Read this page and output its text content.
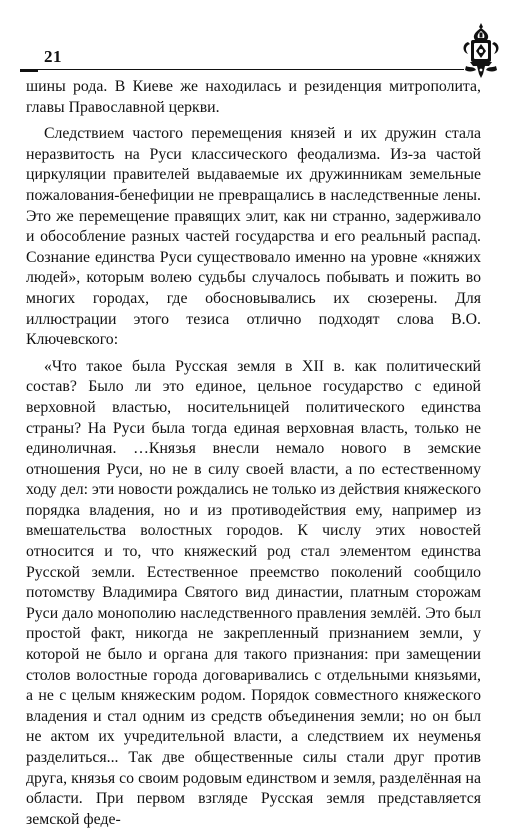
21

шины рода. В Киеве же находилась и резиденция митрополита, главы Православной церкви.

Следствием частого перемещения князей и их дружин стала неразвитость на Руси классического феодализма. Из-за частой циркуляции правителей выдаваемые их дружинникам земельные пожалования-бенефиции не превращались в наследственные лены. Это же перемещение правящих элит, как ни странно, задерживало и обособление разных частей государства и его реальный распад. Сознание единства Руси существовало именно на уровне «княжих людей», которым волею судьбы случалось побывать и пожить во многих городах, где обосновывались их сюзерены. Для иллюстрации этого тезиса отлично подходят слова В.О. Ключевского:

«Что такое была Русская земля в XII в. как политический состав? Было ли это единое, цельное государство с единой верховной властью, носительницей политического единства страны? На Руси была тогда единая верховная власть, только не единоличная. …Князья внесли немало нового в земские отношения Руси, но не в силу своей власти, а по естественному ходу дел: эти новости рождались не только из действия княжеского порядка владения, но и из противодействия ему, например из вмешательства волостных городов. К числу этих новостей относится и то, что княжеский род стал элементом единства Русской земли. Естественное преемство поколений сообщило потомству Владимира Святого вид династии, платным сторожам Руси дало монополию наследственного правления землёй. Это был простой факт, никогда не закрепленный признанием земли, у которой не было и органа для такого признания: при замещении столов волостные города договаривались с отдельными князьями, а не с целым княжеским родом. Порядок совместного княжеского владения и стал одним из средств объединения земли; но он был не актом их учредительной власти, а следствием их неуменья разделиться... Так две общественные силы стали друг против друга, князья со своим родовым единством и земля, разделённая на области. При первом взгляде Русская земля представляется земской феде-
